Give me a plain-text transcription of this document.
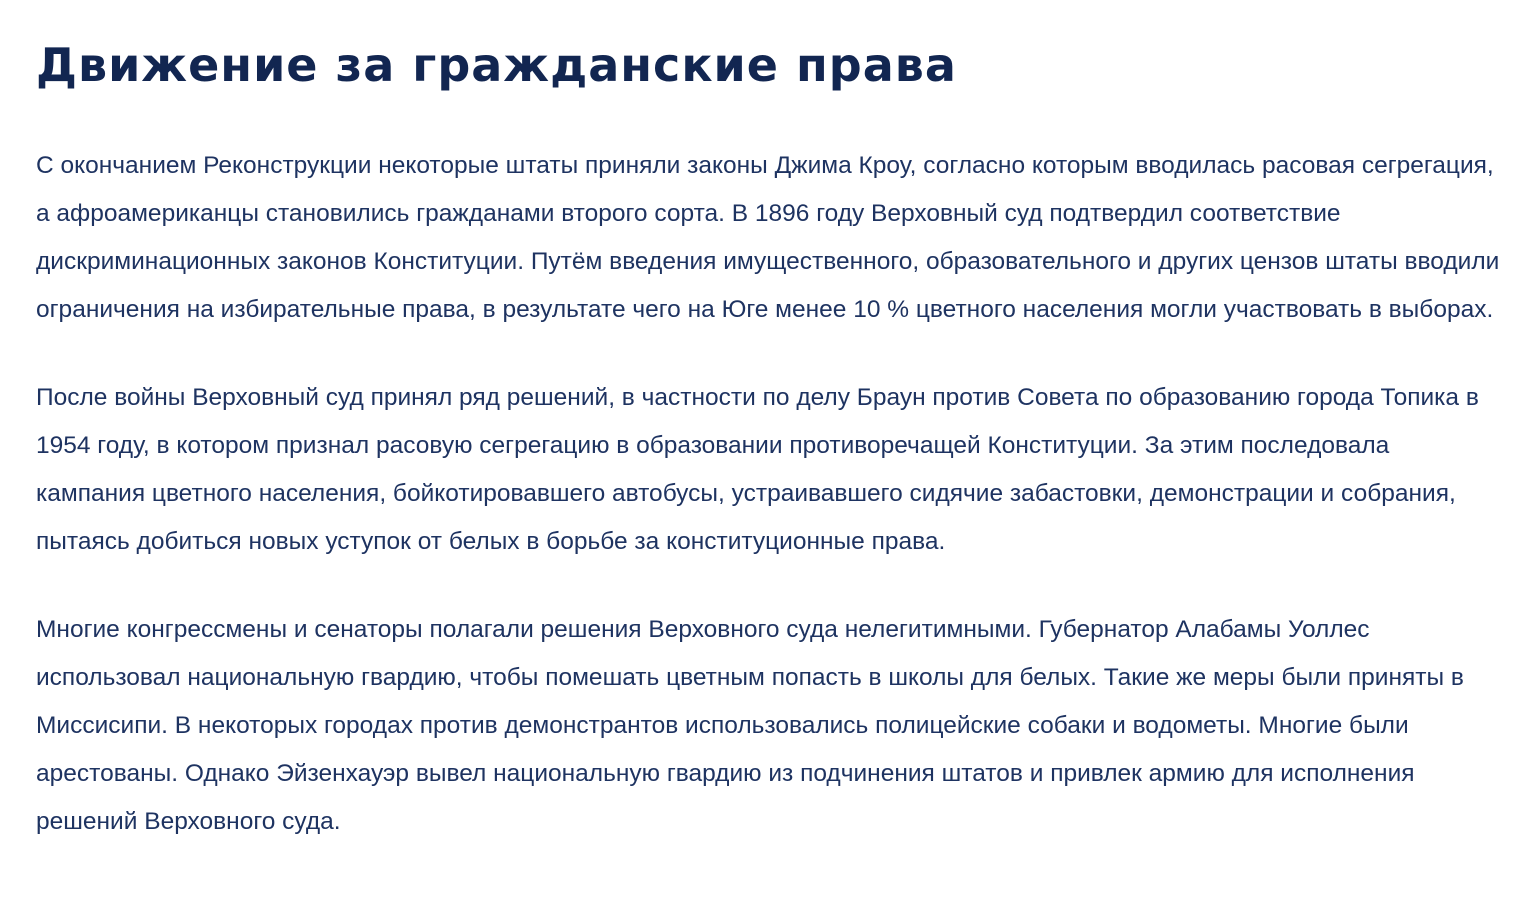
Движение за гражданские права

С окончанием Реконструкции некоторые штаты приняли законы Джима Кроу, согласно которым вводилась расовая сегрегация, а афроамериканцы становились гражданами второго сорта. В 1896 году Верховный суд подтвердил соответствие дискриминационных законов Конституции. Путём введения имущественного, образовательного и других цензов штаты вводили ограничения на избирательные права, в результате чего на Юге менее 10 % цветного населения могли участвовать в выборах.

После войны Верховный суд принял ряд решений, в частности по делу Браун против Совета по образованию города Топика в 1954 году, в котором признал расовую сегрегацию в образовании противоречащей Конституции. За этим последовала кампания цветного населения, бойкотировавшего автобусы, устраивавшего сидячие забастовки, демонстрации и собрания, пытаясь добиться новых уступок от белых в борьбе за конституционные права.

Многие конгрессмены и сенаторы полагали решения Верховного суда нелегитимными. Губернатор Алабамы Уоллес использовал национальную гвардию, чтобы помешать цветным попасть в школы для белых. Такие же меры были приняты в Миссисипи. В некоторых городах против демонстрантов использовались полицейские собаки и водометы. Многие были арестованы. Однако Эйзенхауэр вывел национальную гвардию из подчинения штатов и привлек армию для исполнения решений Верховного суда.
